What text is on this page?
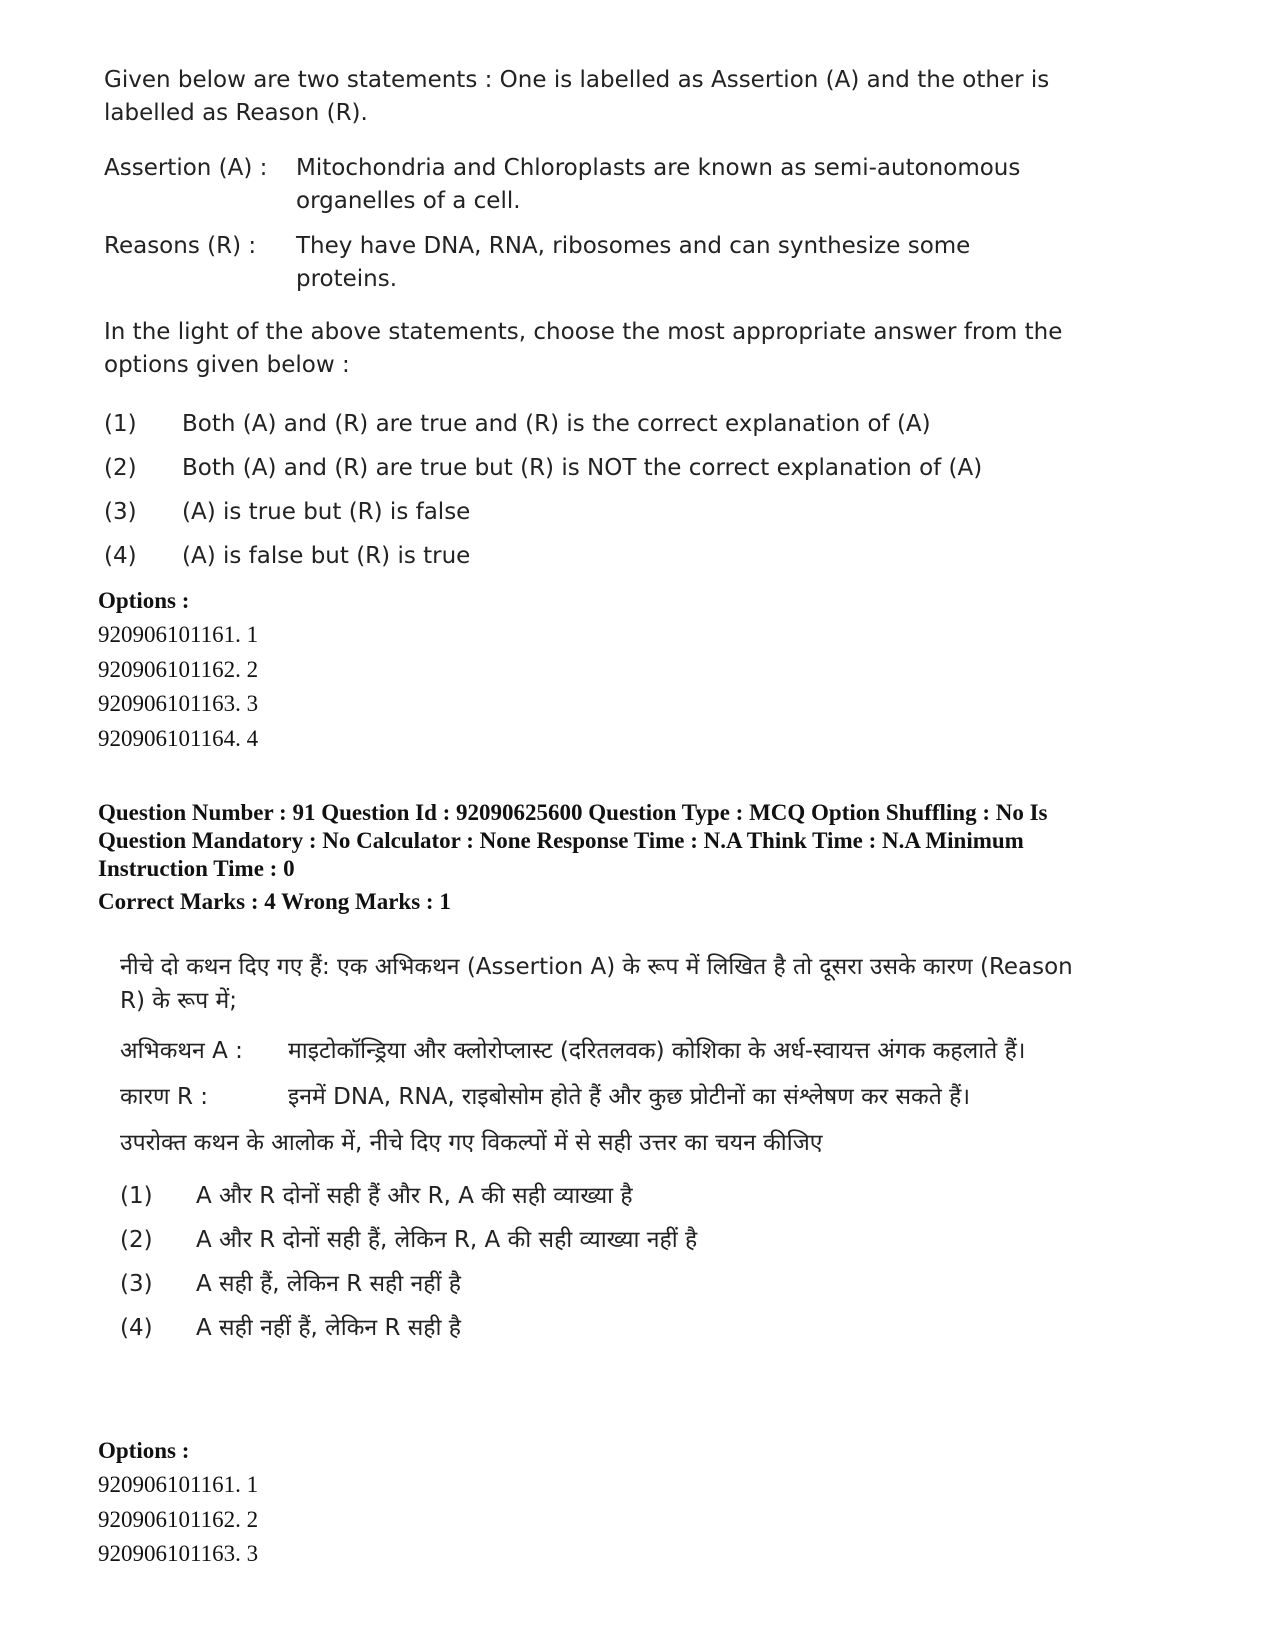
Given below are two statements : One is labelled as Assertion (A) and the other is labelled as Reason (R).
Assertion (A) :	Mitochondria and Chloroplasts are known as semi-autonomous organelles of a cell.
Reasons (R) :	They have DNA, RNA, ribosomes and can synthesize some proteins.
In the light of the above statements, choose the most appropriate answer from the options given below :
(1)	Both (A) and (R) are true and (R) is the correct explanation of (A)
(2)	Both (A) and (R) are true but (R) is NOT the correct explanation of (A)
(3)	(A) is true but (R) is false
(4)	(A) is false but (R) is true
Options :
920906101161. 1
920906101162. 2
920906101163. 3
920906101164. 4
Question Number : 91 Question Id : 92090625600 Question Type : MCQ Option Shuffling : No Is
Question Mandatory : No Calculator : None Response Time : N.A Think Time : N.A Minimum
Instruction Time : 0
Correct Marks : 4 Wrong Marks : 1
नीचे दो कथन दिए गए हैं: एक अभिकथन (Assertion A) के रूप में लिखित है तो दूसरा उसके कारण (Reason R) के रूप में;
अभिकथन A :	माइटोकॉन्ड्रिया और क्लोरोप्लास्ट (दरितलवक) कोशिका के अर्ध-स्वायत्त अंगक कहलाते हैं।
कारण R :	इनमें DNA, RNA, राइबोसोम होते हैं और कुछ प्रोटीनों का संश्लेषण कर सकते हैं।
उपरोक्त कथन के आलोक में, नीचे दिए गए विकल्पों में से सही उत्तर का चयन कीजिए
(1)	A और R दोनों सही हैं और R, A की सही व्याख्या है
(2)	A और R दोनों सही हैं, लेकिन R, A की सही व्याख्या नहीं है
(3)	A सही हैं, लेकिन R सही नहीं है
(4)	A सही नहीं हैं, लेकिन R सही है
Options :
920906101161. 1
920906101162. 2
920906101163. 3
